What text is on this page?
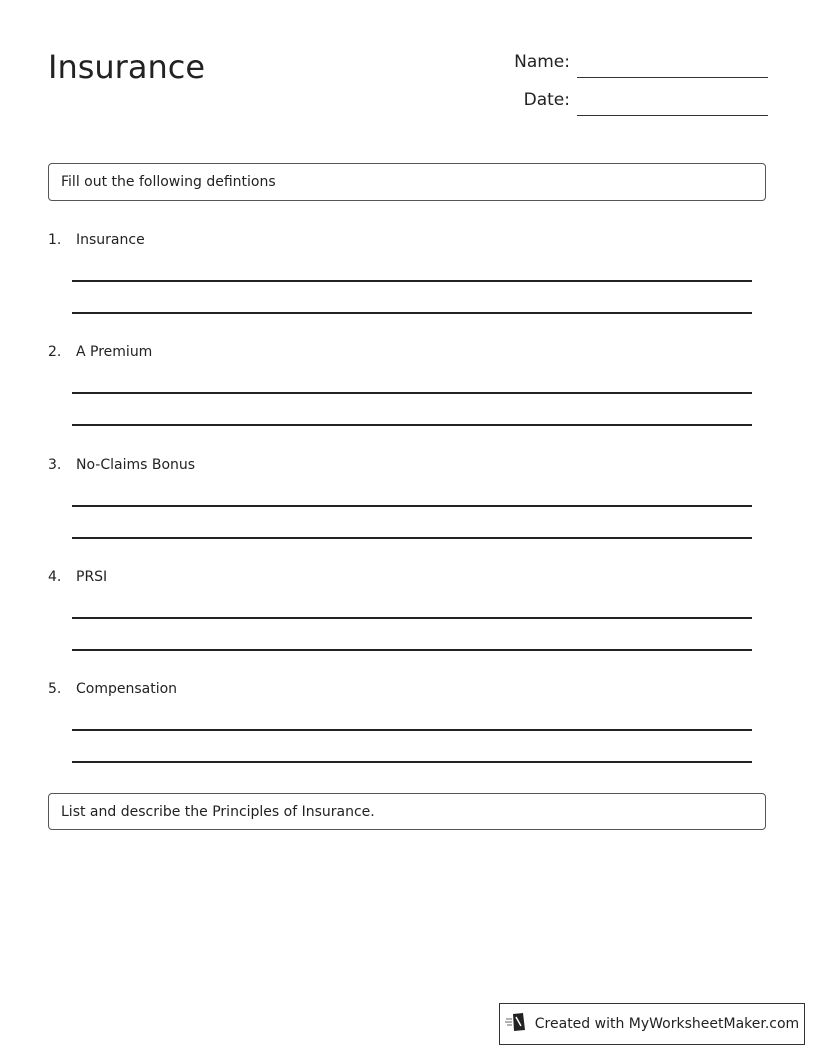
Insurance	Name:
Date:
Fill out the following defintions
1. Insurance
2. A Premium
3. No-Claims Bonus
4. PRSI
5. Compensation
List and describe the Principles of Insurance.
Created with MyWorksheetMaker.com
